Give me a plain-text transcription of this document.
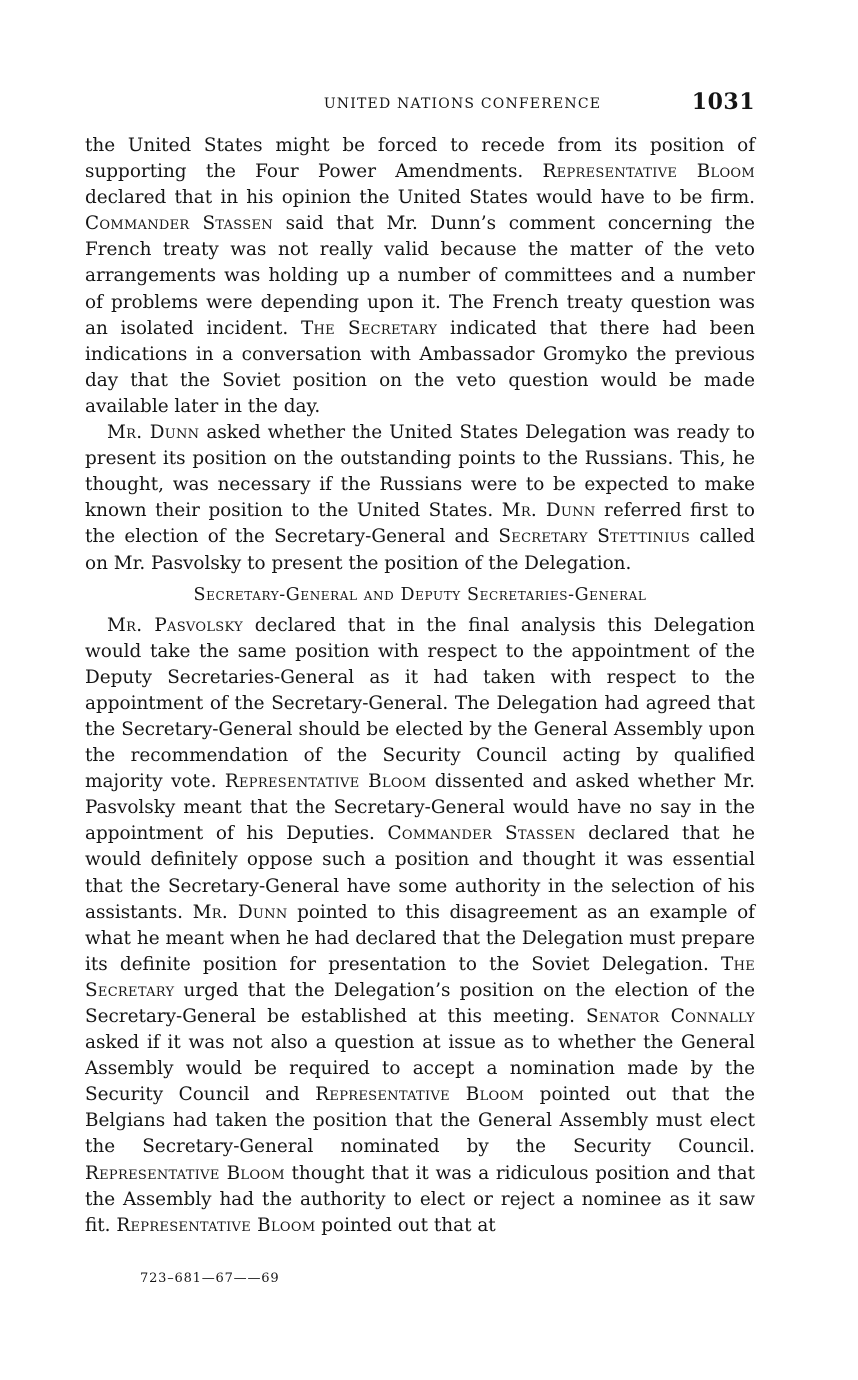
UNITED NATIONS CONFERENCE	1031

the United States might be forced to recede from its position of supporting the Four Power Amendments. Representative Bloom declared that in his opinion the United States would have to be firm. Commander Stassen said that Mr. Dunn’s comment concerning the French treaty was not really valid because the matter of the veto arrangements was holding up a number of committees and a number of problems were depending upon it. The French treaty question was an isolated incident. The Secretary indicated that there had been indications in a conversation with Ambassador Gromyko the previous day that the Soviet position on the veto question would be made available later in the day.

Mr. Dunn asked whether the United States Delegation was ready to present its position on the outstanding points to the Russians. This, he thought, was necessary if the Russians were to be expected to make known their position to the United States. Mr. Dunn referred first to the election of the Secretary-General and Secretary Stettinius called on Mr. Pasvolsky to present the position of the Delegation.

Secretary-General and Deputy Secretaries-General

Mr. Pasvolsky declared that in the final analysis this Delegation would take the same position with respect to the appointment of the Deputy Secretaries-General as it had taken with respect to the appointment of the Secretary-General. The Delegation had agreed that the Secretary-General should be elected by the General Assembly upon the recommendation of the Security Council acting by qualified majority vote. Representative Bloom dissented and asked whether Mr. Pasvolsky meant that the Secretary-General would have no say in the appointment of his Deputies. Commander Stassen declared that he would definitely oppose such a position and thought it was essential that the Secretary-General have some authority in the selection of his assistants. Mr. Dunn pointed to this disagreement as an example of what he meant when he had declared that the Delegation must prepare its definite position for presentation to the Soviet Delegation. The Secretary urged that the Delegation’s position on the election of the Secretary-General be established at this meeting. Senator Connally asked if it was not also a question at issue as to whether the General Assembly would be required to accept a nomination made by the Security Council and Representative Bloom pointed out that the Belgians had taken the position that the General Assembly must elect the Secretary-General nominated by the Security Council. Representative Bloom thought that it was a ridiculous position and that the Assembly had the authority to elect or reject a nominee as it saw fit. Representative Bloom pointed out that at

723–681—67——69
